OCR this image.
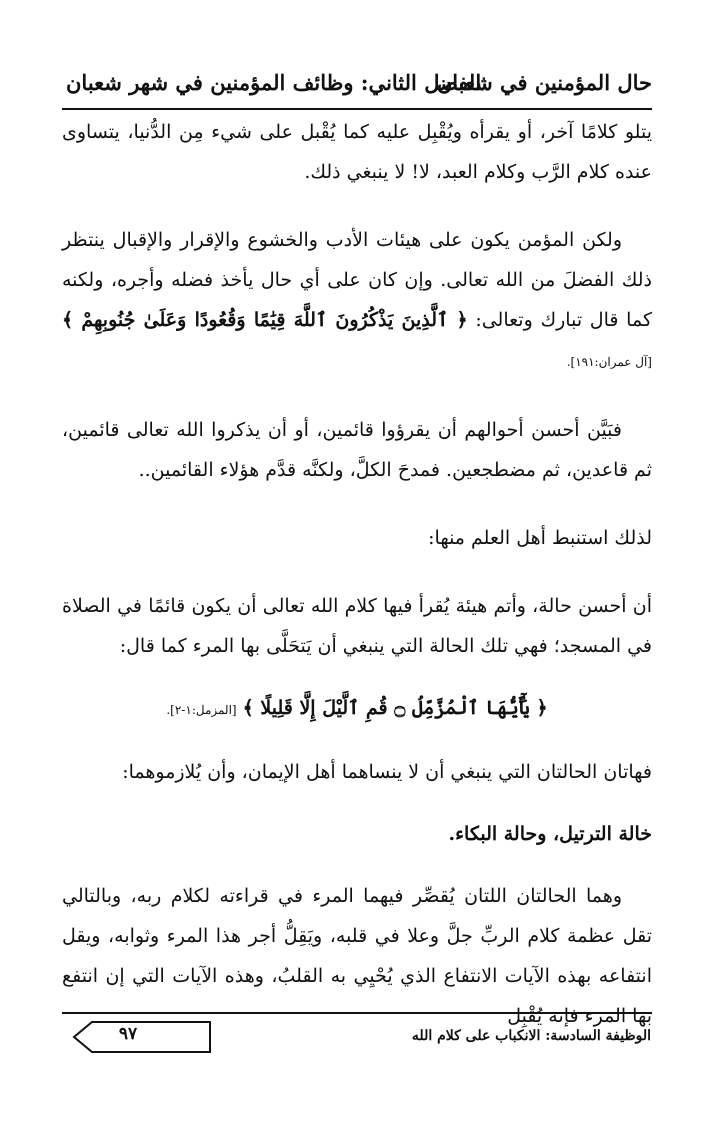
حال المؤمنين في شعبان
الفصل الثاني: وظائف المؤمنين في شهر شعبان

يتلو كلامًا آخر، أو يقرأه ويُقْبِل عليه كما يُقْبل على شيء مِن الدُّنيا، يتساوى عنده كلام الرَّب وكلام العبد، لا! لا ينبغي ذلك.

ولكن المؤمن يكون على هيئات الأدب والخشوع والإقرار والإقبال ينتظر ذلك الفضلَ من الله تعالى. وإن كان على أي حال يأخذ فضله وأجره، ولكنه كما قال تبارك وتعالى: ﴿ ٱلَّذِينَ يَذْكُرُونَ ٱللَّهَ قِيَٰمًا وَقُعُودًا وَعَلَىٰ جُنُوبِهِمْ ﴾ [آل عمران:١٩١].

فبَيَّن أحسن أحوالهم أن يقرؤوا قائمين، أو أن يذكروا الله تعالى قائمين، ثم قاعدين، ثم مضطجعين. فمدحَ الكلَّ، ولكنَّه قدَّم هؤلاء القائمين..

لذلك استنبط أهل العلم منها:

أن أحسن حالة، وأتم هيئة يُقرأ فيها كلام الله تعالى أن يكون قائمًا في الصلاة في المسجد؛ فهي تلك الحالة التي ينبغي أن يَتحَلَّى بها المرء كما قال:

﴿ يَٰٓأَيُّهَا ٱلْمُزَّمِّلُ ۝ قُمِ ٱلَّيْلَ إِلَّا قَلِيلًا ﴾ [المزمل:١-٢].

فهاتان الحالتان التي ينبغي أن لا ينساهما أهل الإيمان، وأن يُلازموهما:

خالة الترتيل، وحالة البكاء.

وهما الحالتان اللتان يُقصِّر فيهما المرء في قراءته لكلام ربه، وبالتالي تقل عظمة كلام الربِّ جلَّ وعلا في قلبه، ويَقِلُّ أجر هذا المرء وثوابه، ويقل انتفاعه بهذه الآيات الانتفاع الذي يُحْيِي به القلبُ، وهذه الآيات التي إن انتفع بها المرء فإنه يُقْبِل

الوظيفة السادسة: الانكباب على كلام الله
٩٧
